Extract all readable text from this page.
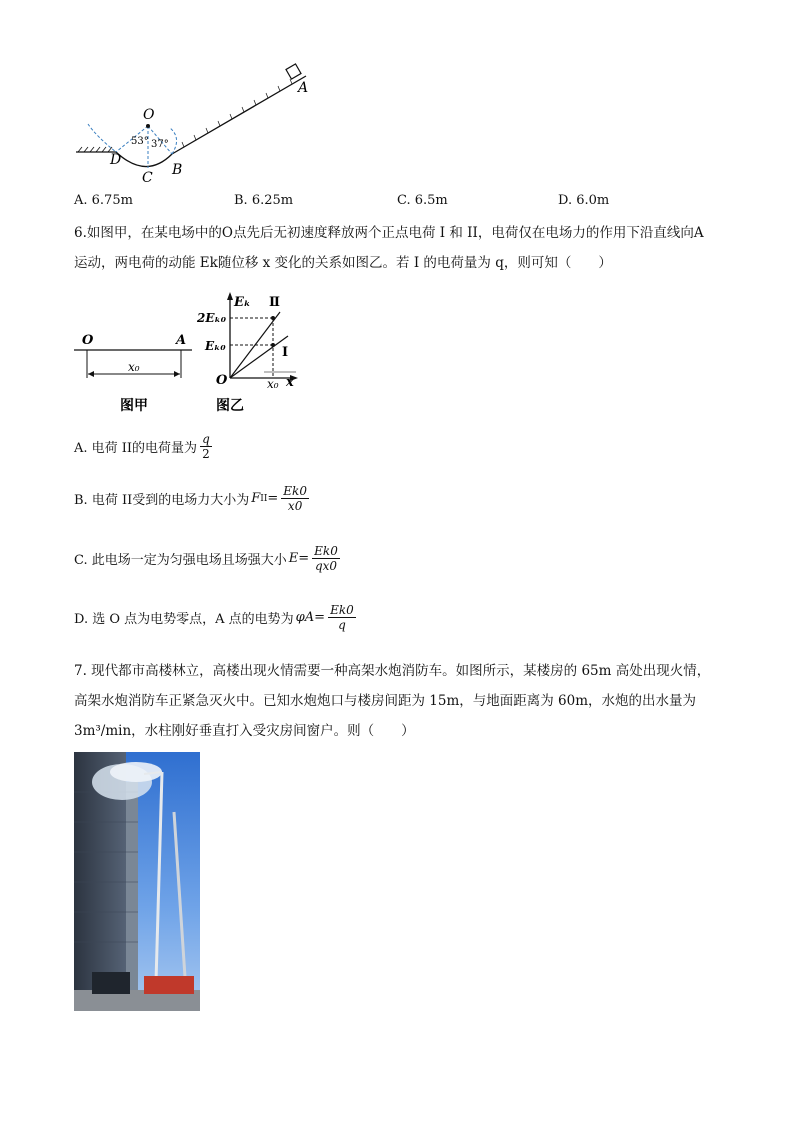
O
53° 37°
D
C B
A
A. 6.75m	B. 6.25m	C. 6.5m	D. 6.0m
6.如图甲，在某电场中的O点先后无初速度释放两个正点电荷 I 和 II，电荷仅在电场力的作用下沿直线向A
运动，两电荷的动能 Ek随位移 x 变化的关系如图乙。若 I 的电荷量为 q，则可知（　　）
O	A
x₀
图甲
Eₖ
2Eₖ₀
Eₖ₀
O	x₀ x
Ⅱ
Ⅰ
图乙
A. 电荷 II的电荷量为 $\frac{q}{2}$
B. 电荷 II受到的电场力大小为 F II = $\frac{Ek0}{x0}$
C. 此电场一定为匀强电场且场强大小 $E = \frac{Ek0}{qx0}$
D. 选 O 点为电势零点，A 点的电势为 $\varphi A = \frac{Ek0}{q}$
7. 现代都市高楼林立，高楼出现火情需要一种高架水炮消防车。如图所示，某楼房的 65m 高处出现火情，
高架水炮消防车正紧急灭火中。已知水炮炮口与楼房间距为 15m，与地面距离为 60m，水炮的出水量为
3m³/min，水柱刚好垂直打入受灾房间窗户。则（　　）
